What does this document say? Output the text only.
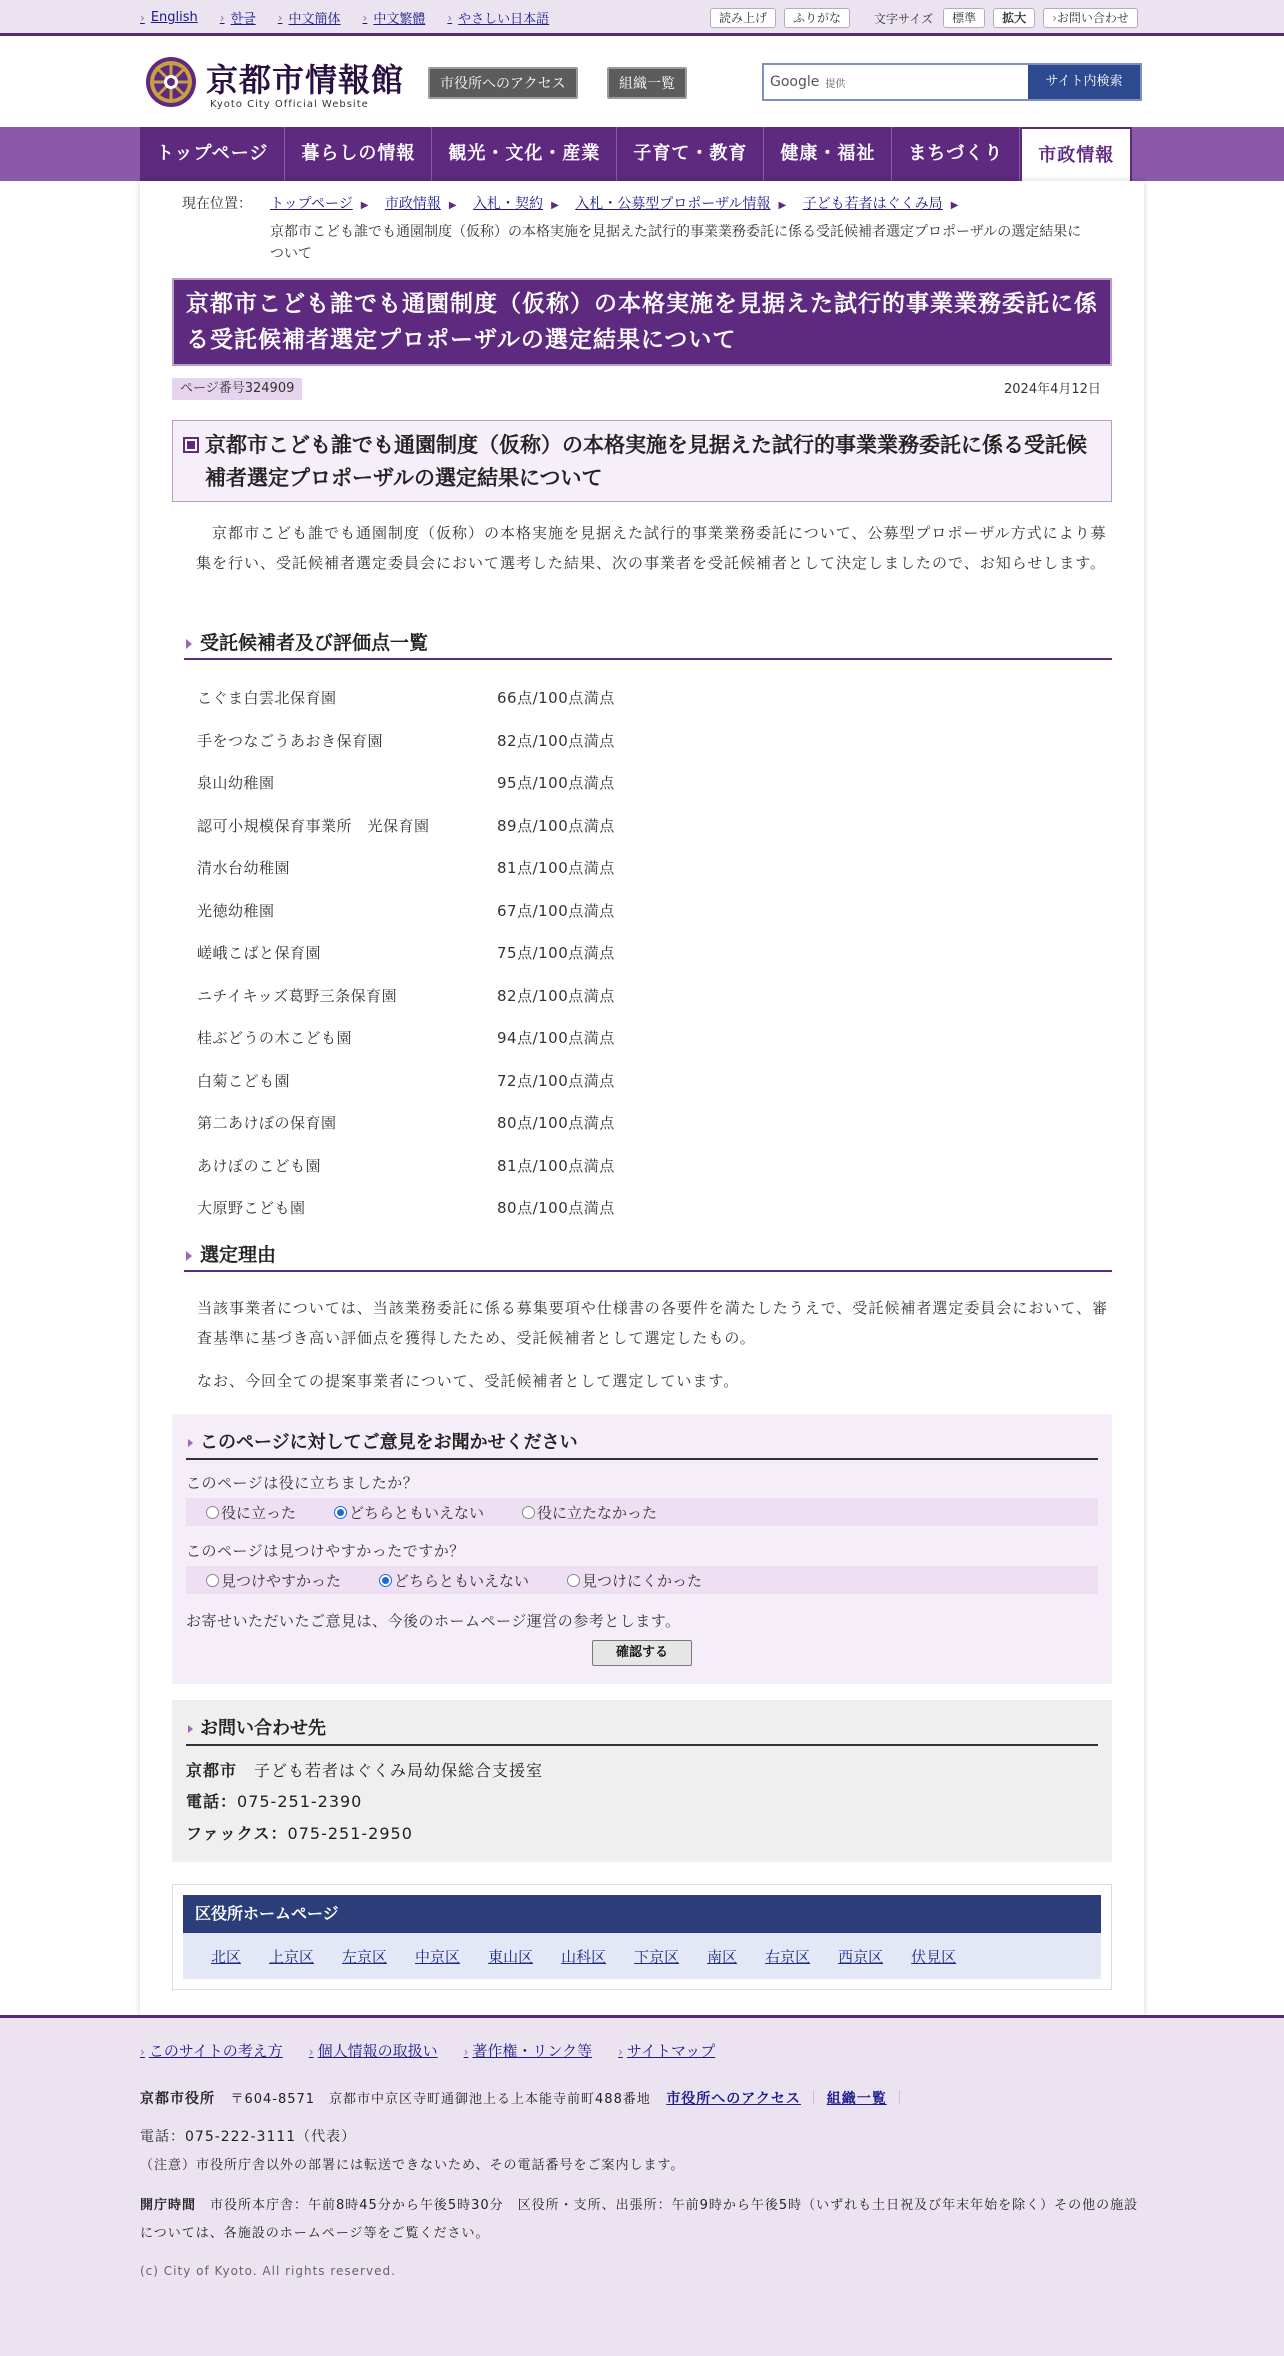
› English › 한글 › 中文簡体 › 中文繁體 › やさしい日本語	読み上げ	ふりがな	文字サイズ	標準	拡大	›お問い合わせ
京都市情報館
Kyoto City Official Website
市役所へのアクセス	組織一覧	Google 提供	サイト内検索
トップページ	暮らしの情報	観光・文化・産業	子育て・教育	健康・福祉	まちづくり	市政情報
現在位置： トップページ ▶ 市政情報 ▶ 入札・契約 ▶ 入札・公募型プロポーザル情報 ▶ 子ども若者はぐくみ局 ▶
京都市こども誰でも通園制度（仮称）の本格実施を見据えた試行的事業業務委託に係る受託候補者選定プロポーザルの選定結果について
京都市こども誰でも通園制度（仮称）の本格実施を見据えた試行的事業業務委託に係る受託候補者選定プロポーザルの選定結果について
ページ番号324909	2024年4月12日
京都市こども誰でも通園制度（仮称）の本格実施を見据えた試行的事業業務委託に係る受託候補者選定プロポーザルの選定結果について
　京都市こども誰でも通園制度（仮称）の本格実施を見据えた試行的事業業務委託について、公募型プロポーザル方式により募集を行い、受託候補者選定委員会において選考した結果、次の事業者を受託候補者として決定しましたので、お知らせします。
受託候補者及び評価点一覧
こぐま白雲北保育園	66点/100点満点
手をつなごうあおき保育園	82点/100点満点
泉山幼稚園	95点/100点満点
認可小規模保育事業所　光保育園	89点/100点満点
清水台幼稚園	81点/100点満点
光徳幼稚園	67点/100点満点
嵯峨こばと保育園	75点/100点満点
ニチイキッズ葛野三条保育園	82点/100点満点
桂ぶどうの木こども園	94点/100点満点
白菊こども園	72点/100点満点
第二あけぼの保育園	80点/100点満点
あけぼのこども園	81点/100点満点
大原野こども園	80点/100点満点
選定理由
当該事業者については、当該業務委託に係る募集要項や仕様書の各要件を満たしたうえで、受託候補者選定委員会において、審査基準に基づき高い評価点を獲得したため、受託候補者として選定したもの。
なお、今回全ての提案事業者について、受託候補者として選定しています。
このページに対してご意見をお聞かせください
このページは役に立ちましたか？
役に立った	どちらともいえない	役に立たなかった
このページは見つけやすかったですか？
見つけやすかった	どちらともいえない	見つけにくかった
お寄せいただいたご意見は、今後のホームページ運営の参考とします。
確認する
お問い合わせ先
京都市　子ども若者はぐくみ局幼保総合支援室
電話：075-251-2390
ファックス：075-251-2950
区役所ホームページ
北区 上京区 左京区 中京区 東山区 山科区 下京区 南区 右京区 西京区 伏見区
› このサイトの考え方 › 個人情報の取扱い › 著作権・リンク等 › サイトマップ
京都市役所 〒604-8571　京都市中京区寺町通御池上る上本能寺前町488番地 市役所へのアクセス ｜ 組織一覧 ｜
電話：075-222-3111（代表）
（注意）市役所庁舎以外の部署には転送できないため、その電話番号をご案内します。
開庁時間 市役所本庁舎：午前8時45分から午後5時30分　区役所・支所、出張所：午前9時から午後5時（いずれも土日祝及び年末年始を除く）その他の施設については、各施設のホームページ等をご覧ください。
(c) City of Kyoto. All rights reserved.
